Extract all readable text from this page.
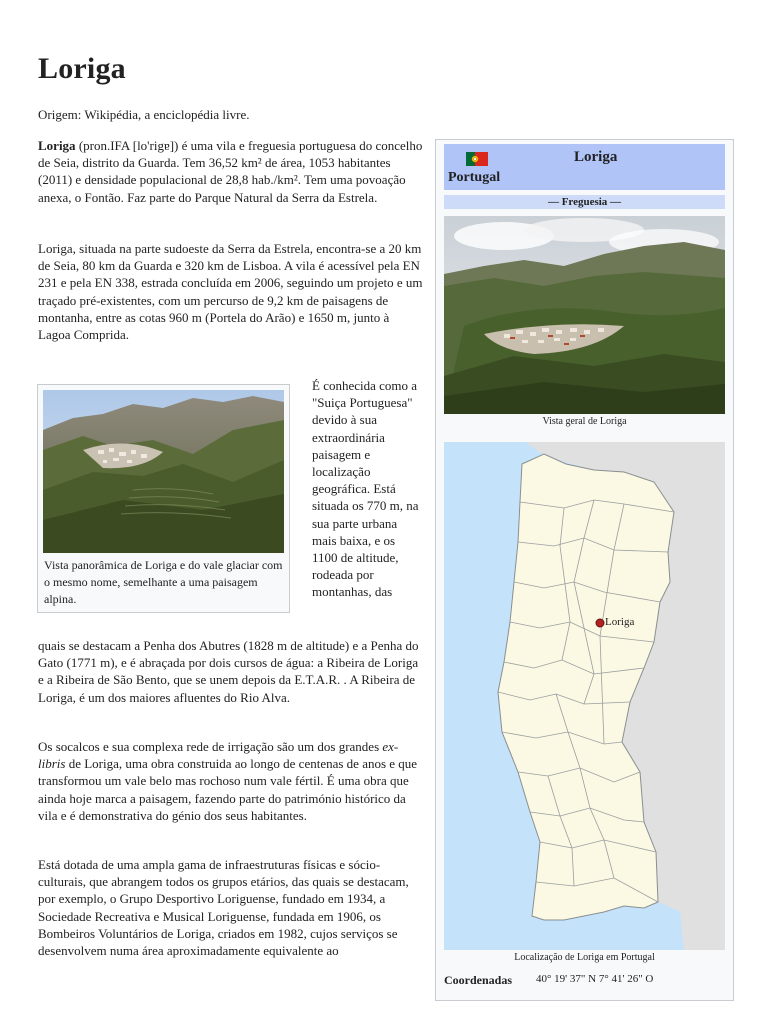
Loriga
Origem: Wikipédia, a enciclopédia livre.

Loriga (pron.IFA [lo'rigɐ]) é uma vila e freguesia portuguesa do concelho de Seia, distrito da Guarda. Tem 36,52 km² de área, 1053 habitantes (2011) e densidade populacional de 28,8 hab./km². Tem uma povoação anexa, o Fontão. Faz parte do Parque Natural da Serra da Estrela.

Loriga, situada na parte sudoeste da Serra da Estrela, encontra-se a 20 km de Seia, 80 km da Guarda e 320 km de Lisboa. A vila é acessível pela EN 231 e pela EN 338, estrada concluída em 2006, seguindo um projeto e um traçado pré-existentes, com um percurso de 9,2 km de paisagens de montanha, entre as cotas 960 m (Portela do Arão) e 1650 m, junto à Lagoa Comprida.

Vista panorâmica de Loriga e do vale glaciar com o mesmo nome, semelhante a uma paisagem alpina.
É conhecida como a "Suiça Portuguesa" devido à sua extraordinária paisagem e localização geográfica. Está situada os 770 m, na sua parte urbana mais baixa, e os 1100 de altitude, rodeada por montanhas, das

quais se destacam a Penha dos Abutres (1828 m de altitude) e a Penha do Gato (1771 m), e é abraçada por dois cursos de água: a Ribeira de Loriga e a Ribeira de São Bento, que se unem depois da E.T.A.R. . A Ribeira de Loriga, é um dos maiores afluentes do Rio Alva.

Os socalcos e sua complexa rede de irrigação são um dos grandes ex-libris de Loriga, uma obra construida ao longo de centenas de anos e que transformou um vale belo mas rochoso num vale fértil. É uma obra que ainda hoje marca a paisagem, fazendo parte do património histórico da vila e é demonstrativa do génio dos seus habitantes.

Está dotada de uma ampla gama de infraestruturas físicas e sócio-culturais, que abrangem todos os grupos etários, das quais se destacam, por exemplo, o Grupo Desportivo Loriguense, fundado em 1934, a Sociedade Recreativa e Musical Loriguense, fundada em 1906, os Bombeiros Voluntários de Loriga, criados em 1982, cujos serviços se desenvolvem numa área aproximadamente equivalente ao

Loriga
Portugal
— Freguesia —
Vista geral de Loriga
Loriga
Localização de Loriga em Portugal
Coordenadas 40° 19' 37" N 7° 41' 26" O
